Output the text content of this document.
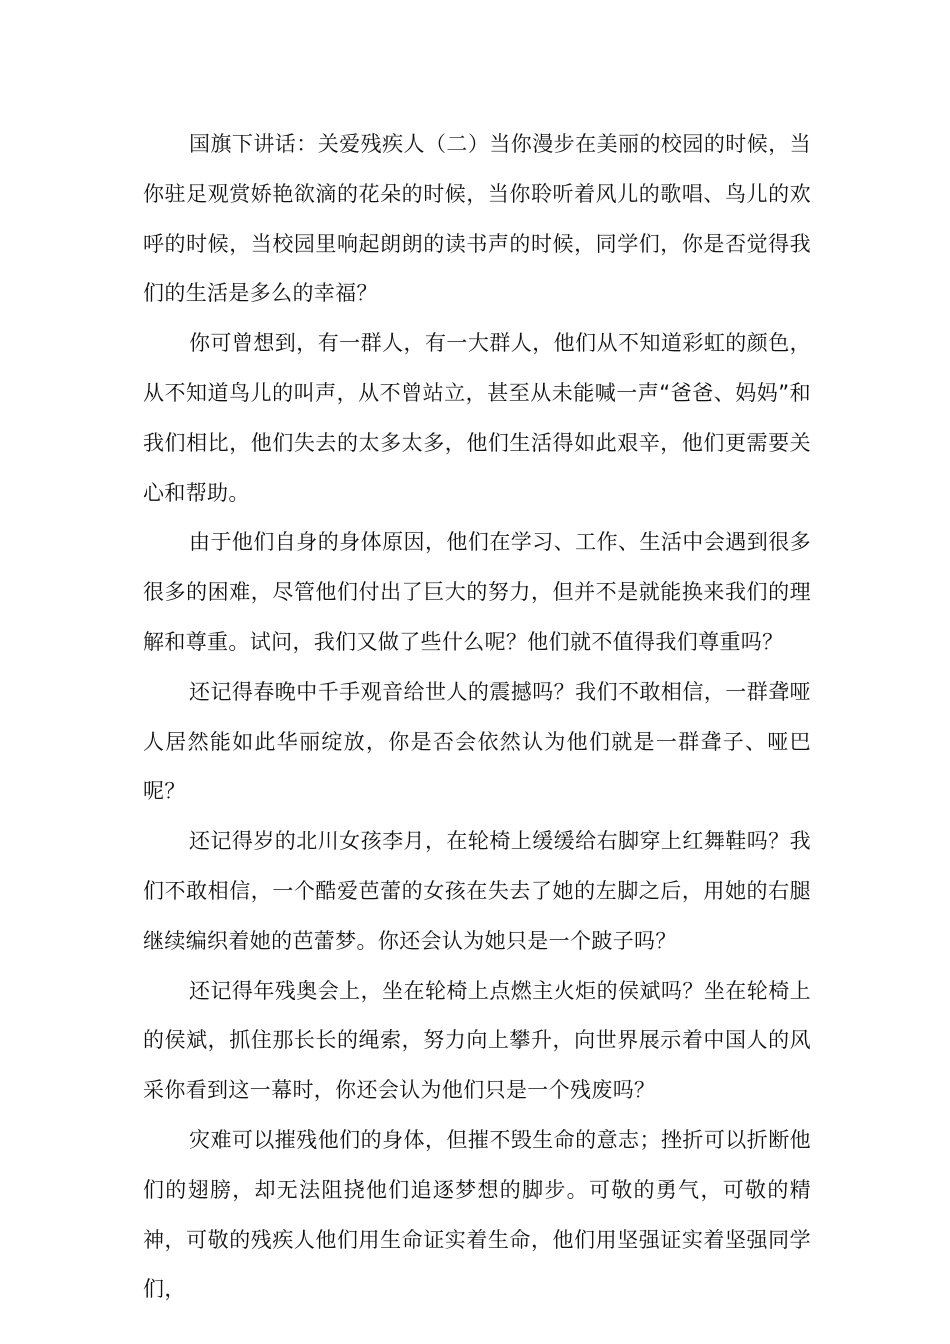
国旗下讲话：关爱残疾人（二）当你漫步在美丽的校园的时候，当你驻足观赏娇艳欲滴的花朵的时候，当你聆听着风儿的歌唱、鸟儿的欢呼的时候，当校园里响起朗朗的读书声的时候，同学们，你是否觉得我们的生活是多么的幸福？

你可曾想到，有一群人，有一大群人，他们从不知道彩虹的颜色，从不知道鸟儿的叫声，从不曾站立，甚至从未能喊一声“爸爸、妈妈”和我们相比，他们失去的太多太多，他们生活得如此艰辛，他们更需要关心和帮助。

由于他们自身的身体原因，他们在学习、工作、生活中会遇到很多很多的困难，尽管他们付出了巨大的努力，但并不是就能换来我们的理解和尊重。试问，我们又做了些什么呢？他们就不值得我们尊重吗？

还记得春晚中千手观音给世人的震撼吗？我们不敢相信，一群聋哑人居然能如此华丽绽放，你是否会依然认为他们就是一群聋子、哑巴呢？

还记得岁的北川女孩李月，在轮椅上缓缓给右脚穿上红舞鞋吗？我们不敢相信，一个酷爱芭蕾的女孩在失去了她的左脚之后，用她的右腿继续编织着她的芭蕾梦。你还会认为她只是一个跛子吗？

还记得年残奥会上，坐在轮椅上点燃主火炬的侯斌吗？坐在轮椅上的侯斌，抓住那长长的绳索，努力向上攀升，向世界展示着中国人的风采你看到这一幕时，你还会认为他们只是一个残废吗？

灾难可以摧残他们的身体，但摧不毁生命的意志；挫折可以折断他们的翅膀，却无法阻挠他们追逐梦想的脚步。可敬的勇气，可敬的精神，可敬的残疾人他们用生命证实着生命，他们用坚强证实着坚强同学们，
